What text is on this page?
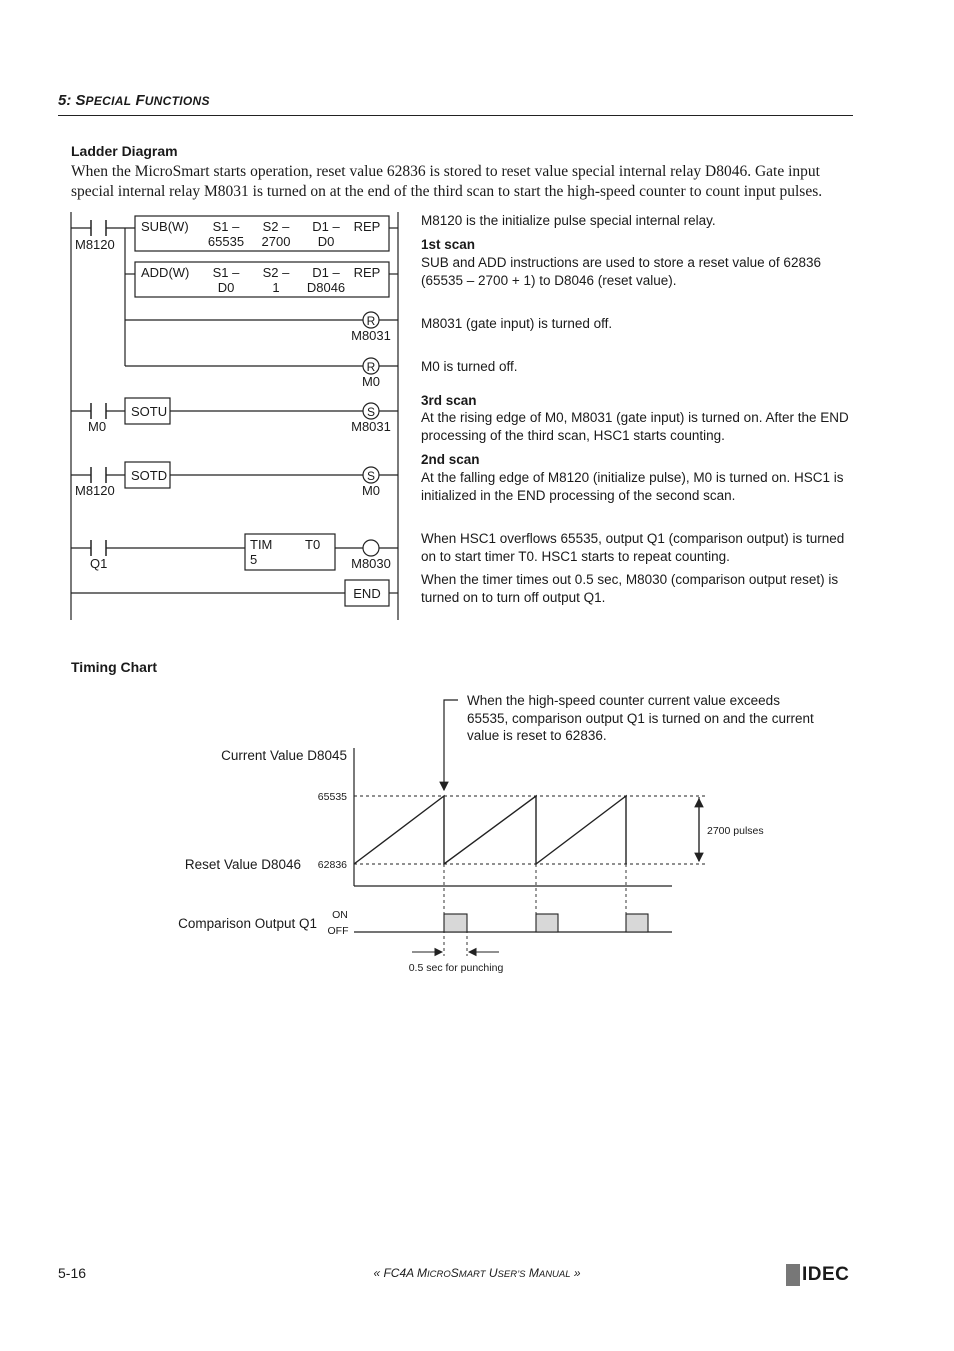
5: SPECIAL FUNCTIONS
Ladder Diagram
When the MicroSmart starts operation, reset value 62836 is stored to reset value special internal relay D8046. Gate input special internal relay M8031 is turned on at the end of the third scan to start the high-speed counter to count input pulses.
M8120
M0
M8120
Q1
SUB(W) S1 –
65535
S2 –
2700
D1 –
D0
REP
ADD(W) S1 –
D0
S2 –
1
D1 –
D8046
REP
R
M8031
R
M0
S
M8031
S
M0
M8030
SOTU
SOTD
TIM	T0
5
END
M8120 is the initialize pulse special internal relay.
1st scan
SUB and ADD instructions are used to store a reset value of 62836 (65535 – 2700 + 1) to D8046 (reset value).
M8031 (gate input) is turned off.
M0 is turned off.
3rd scan
At the rising edge of M0, M8031 (gate input) is turned on. After the END processing of the third scan, HSC1 starts counting.
2nd scan
At the falling edge of M8120 (initialize pulse), M0 is turned on. HSC1 is initialized in the END processing of the second scan.
When HSC1 overflows 65535, output Q1 (comparison output) is turned on to start timer T0. HSC1 starts to repeat counting.
When the timer times out 0.5 sec, M8030 (comparison output reset) is turned on to turn off output Q1.
Timing Chart
When the high-speed counter current value exceeds 65535, comparison output Q1 is turned on and the current value is reset to 62836.
Current Value D8045
Reset Value D8046
Comparison Output Q1
65535
62836
ON
OFF
2700 pulses
0.5 sec for punching
5-16	« FC4A MICROSMART USER’S MANUAL »	IDEC
